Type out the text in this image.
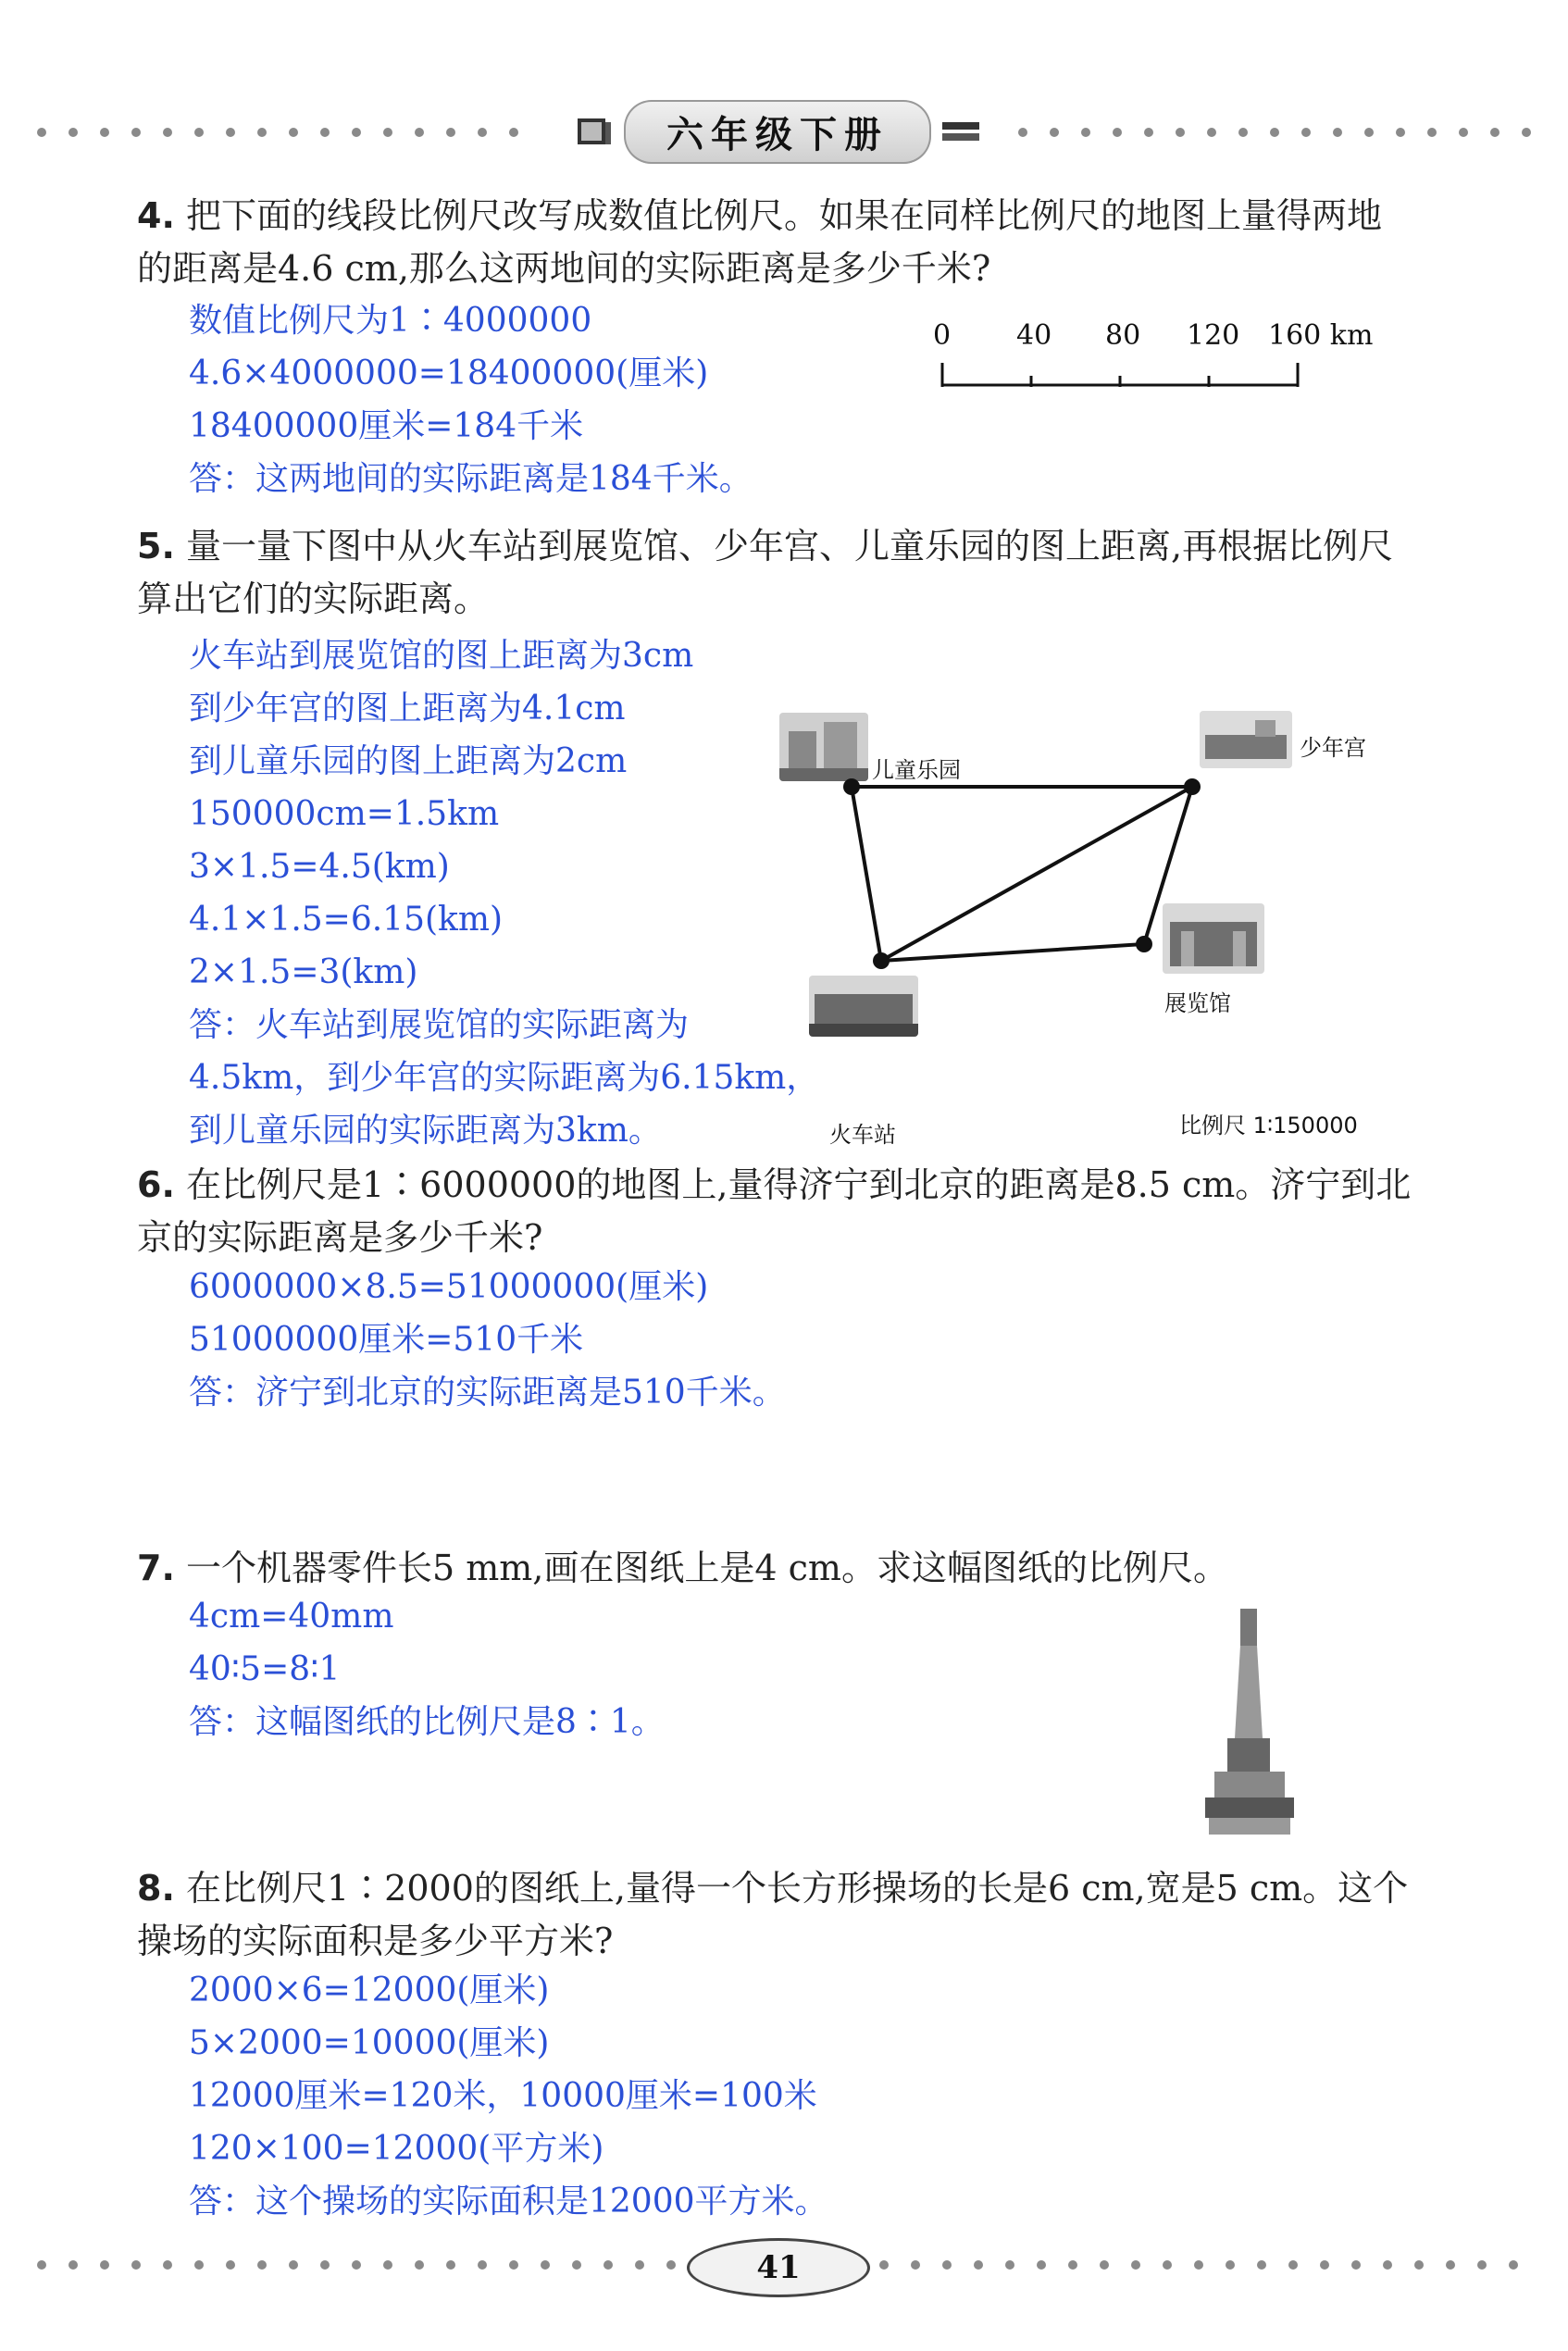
六年级下册
4. 把下面的线段比例尺改写成数值比例尺。如果在同样比例尺的地图上量得两地的距离是4.6 cm,那么这两地间的实际距离是多少千米?
数值比例尺为1∶4000000
4.6×4000000=18400000(厘米)
18400000厘米=184千米
答：这两地间的实际距离是184千米。
0 40 80 120 160 km
5. 量一量下图中从火车站到展览馆、少年宫、儿童乐园的图上距离,再根据比例尺算出它们的实际距离。
火车站到展览馆的图上距离为3cm
到少年宫的图上距离为4.1cm
到儿童乐园的图上距离为2cm
150000cm=1.5km
3×1.5=4.5(km)
4.1×1.5=6.15(km)
2×1.5=3(km)
答：火车站到展览馆的实际距离为
4.5km，到少年宫的实际距离为6.15km，
到儿童乐园的实际距离为3km。
儿童乐园
少年宫
展览馆
火车站	比例尺 1∶150000
6. 在比例尺是1∶6000000的地图上,量得济宁到北京的距离是8.5 cm。济宁到北京的实际距离是多少千米?
6000000×8.5=51000000(厘米)
51000000厘米=510千米
答：济宁到北京的实际距离是510千米。
7. 一个机器零件长5 mm,画在图纸上是4 cm。求这幅图纸的比例尺。
4cm=40mm
40∶5=8∶1
答：这幅图纸的比例尺是8∶1。
8. 在比例尺1∶2000的图纸上,量得一个长方形操场的长是6 cm,宽是5 cm。这个操场的实际面积是多少平方米?
2000×6=12000(厘米)
5×2000=10000(厘米)
12000厘米=120米，10000厘米=100米
120×100=12000(平方米)
答：这个操场的实际面积是12000平方米。
41
